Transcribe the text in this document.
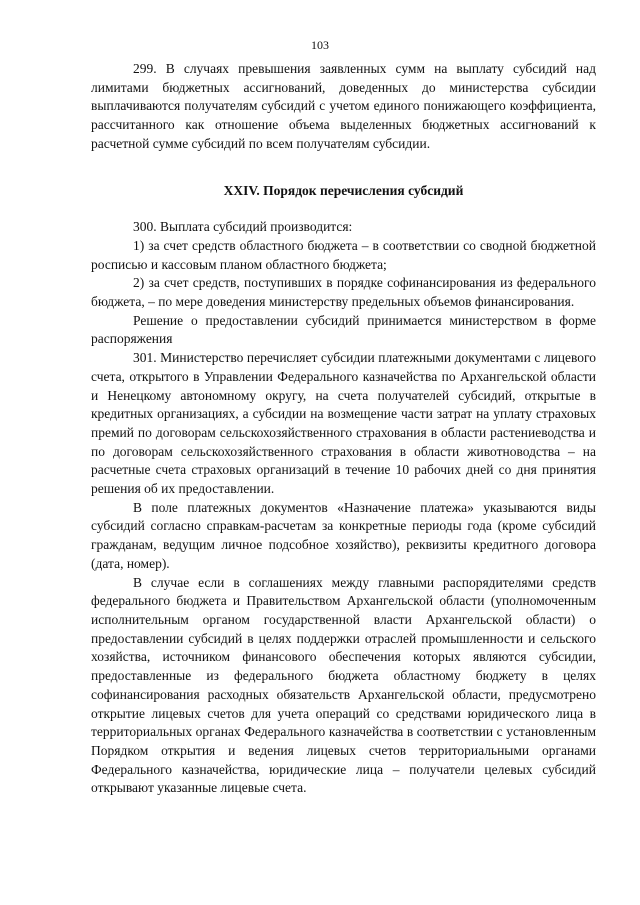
103

299. В случаях превышения заявленных сумм на выплату субсидий над лимитами бюджетных ассигнований, доведенных до министерства субсидии выплачиваются получателям субсидий с учетом единого понижающего коэффициента, рассчитанного как отношение объема выделенных бюджетных ассигнований к расчетной сумме субсидий по всем получателям субсидии.

XXIV. Порядок перечисления субсидий

300. Выплата субсидий производится:

1) за счет средств областного бюджета – в соответствии со сводной бюджетной росписью и кассовым планом областного бюджета;

2) за счет средств, поступивших в порядке софинансирования из федерального бюджета, – по мере доведения министерству предельных объемов финансирования.

Решение о предоставлении субсидий принимается министерством в форме распоряжения

301. Министерство перечисляет субсидии платежными документами с лицевого счета, открытого в Управлении Федерального казначейства по Архангельской области и Ненецкому автономному округу, на счета получателей субсидий, открытые в кредитных организациях, а субсидии на возмещение части затрат на уплату страховых премий по договорам сельскохозяйственного страхования в области растениеводства и по договорам сельскохозяйственного страхования в области животноводства – на расчетные счета страховых организаций в течение 10 рабочих дней со дня принятия решения об их предоставлении.

В поле платежных документов «Назначение платежа» указываются виды субсидий согласно справкам-расчетам за конкретные периоды года (кроме субсидий гражданам, ведущим личное подсобное хозяйство), реквизиты кредитного договора (дата, номер).

В случае если в соглашениях между главными распорядителями средств федерального бюджета и Правительством Архангельской области (уполномоченным исполнительным органом государственной власти Архангельской области) о предоставлении субсидий в целях поддержки отраслей промышленности и сельского хозяйства, источником финансового обеспечения которых являются субсидии, предоставленные из федерального бюджета областному бюджету в целях софинансирования расходных обязательств Архангельской области, предусмотрено открытие лицевых счетов для учета операций со средствами юридического лица в территориальных органах Федерального казначейства в соответствии с установленным Порядком открытия и ведения лицевых счетов территориальными органами Федерального казначейства, юридические лица – получатели целевых субсидий открывают указанные лицевые счета.
